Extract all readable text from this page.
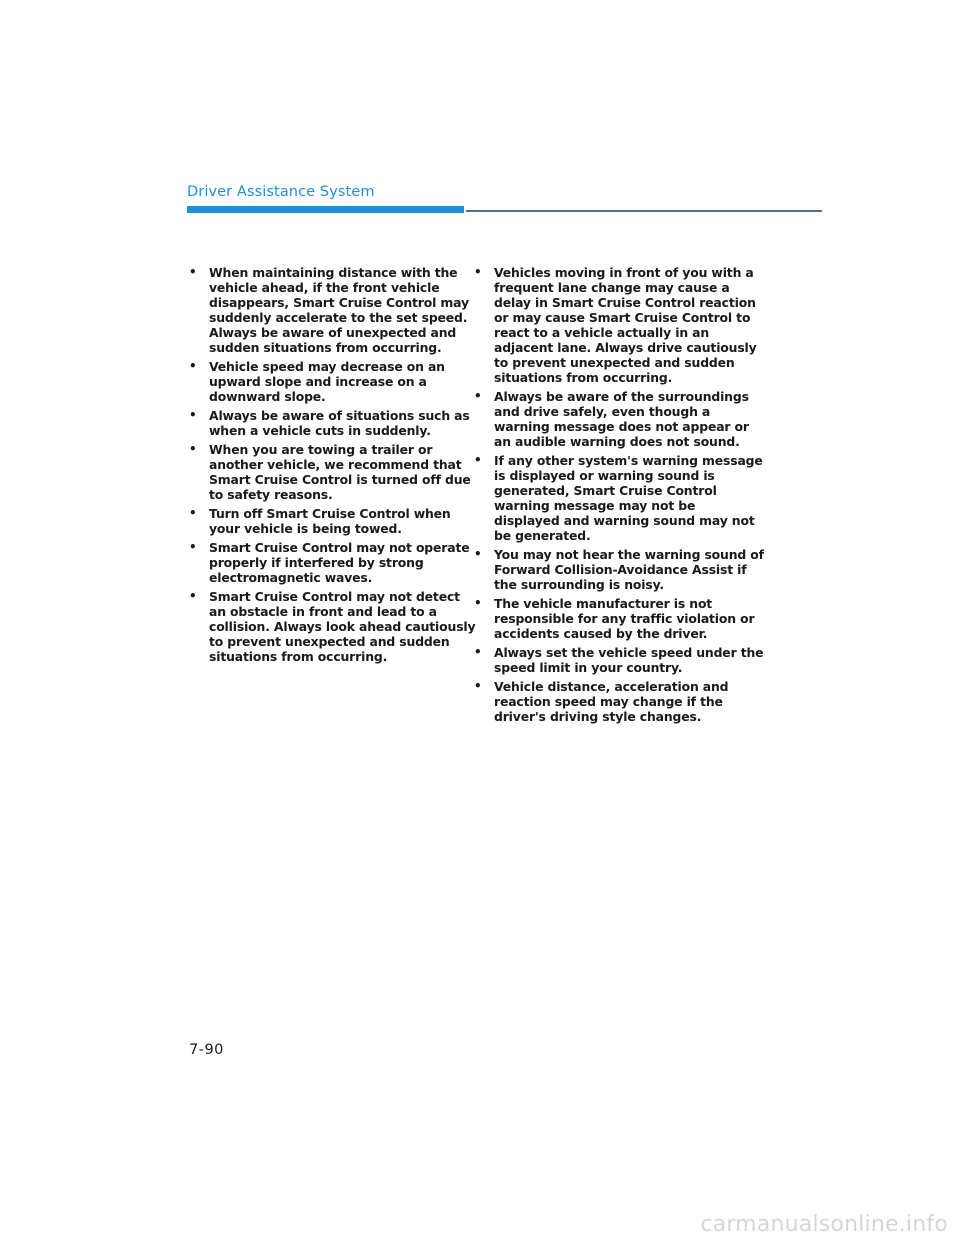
Driver Assistance System
• When maintaining distance with the vehicle ahead, if the front vehicle disappears, Smart Cruise Control may suddenly accelerate to the set speed. Always be aware of unexpected and sudden situations from occurring.
• Vehicle speed may decrease on an upward slope and increase on a downward slope.
• Always be aware of situations such as when a vehicle cuts in suddenly.
• When you are towing a trailer or another vehicle, we recommend that Smart Cruise Control is turned off due to safety reasons.
• Turn off Smart Cruise Control when your vehicle is being towed.
• Smart Cruise Control may not operate properly if interfered by strong electromagnetic waves.
• Smart Cruise Control may not detect an obstacle in front and lead to a collision. Always look ahead cautiously to prevent unexpected and sudden situations from occurring.
• Vehicles moving in front of you with a frequent lane change may cause a delay in Smart Cruise Control reaction or may cause Smart Cruise Control to react to a vehicle actually in an adjacent lane. Always drive cautiously to prevent unexpected and sudden situations from occurring.
• Always be aware of the surroundings and drive safely, even though a warning message does not appear or an audible warning does not sound.
• If any other system's warning message is displayed or warning sound is generated, Smart Cruise Control warning message may not be displayed and warning sound may not be generated.
• You may not hear the warning sound of Forward Collision-Avoidance Assist if the surrounding is noisy.
• The vehicle manufacturer is not responsible for any traffic violation or accidents caused by the driver.
• Always set the vehicle speed under the speed limit in your country.
• Vehicle distance, acceleration and reaction speed may change if the driver's driving style changes.
7-90
carmanualsonline.info
